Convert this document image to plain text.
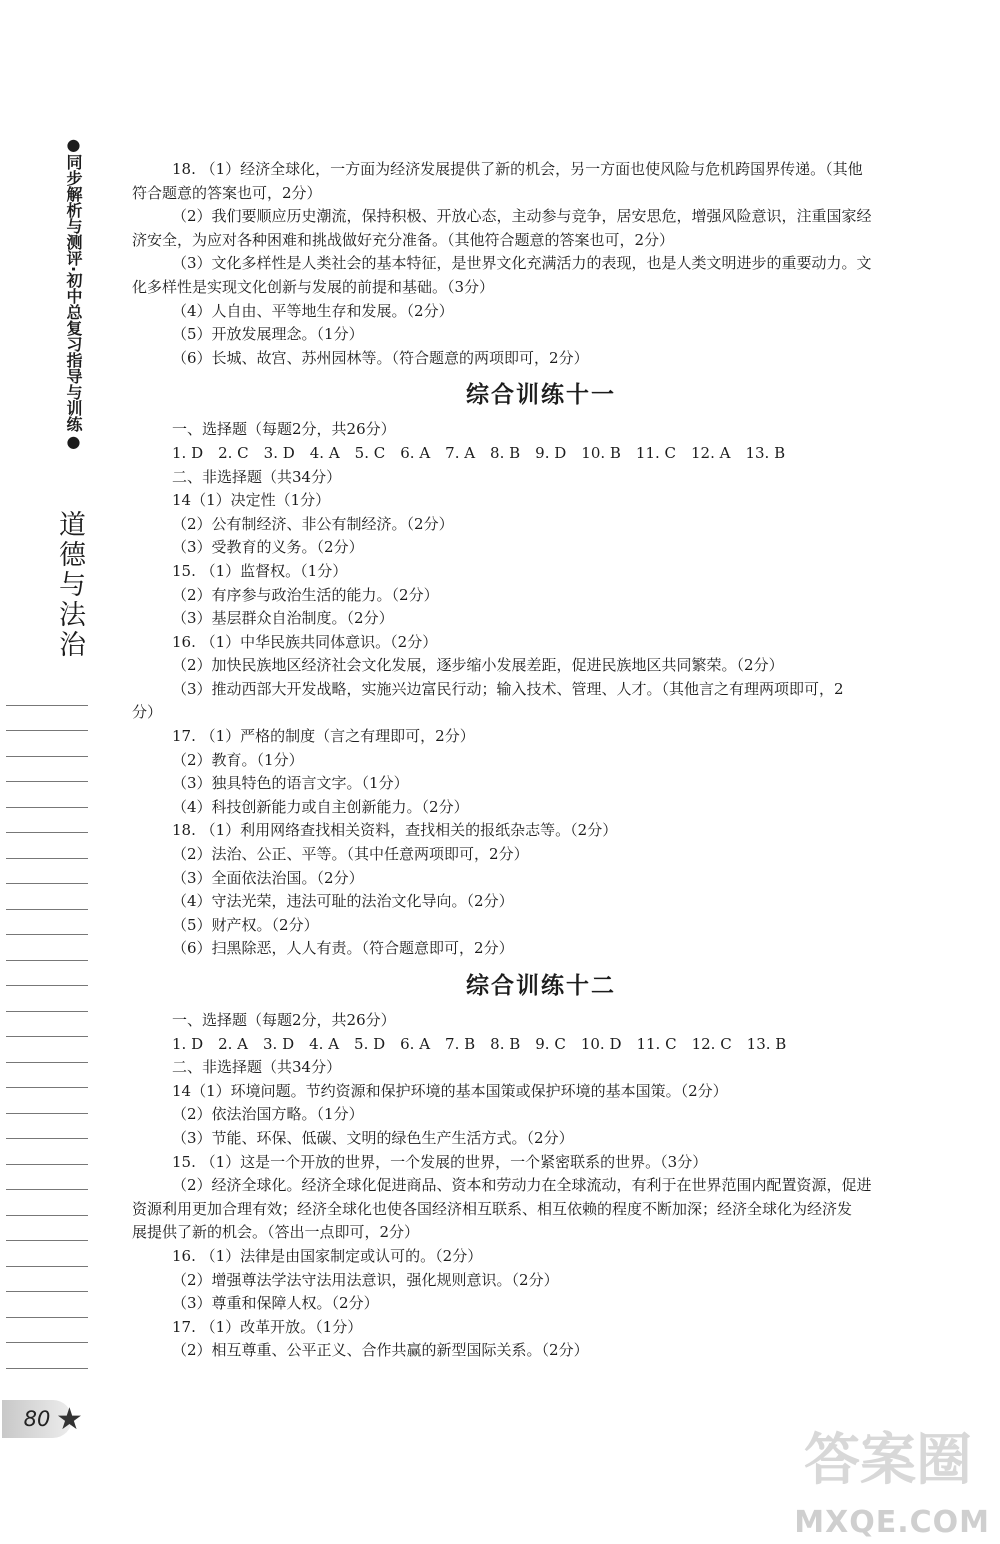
●同步解析与测评·初中总复习指导与训练●
道德与法治
80 ★
18. （1）经济全球化，一方面为经济发展提供了新的机会，另一方面也使风险与危机跨国界传递。（其他
符合题意的答案也可，2分）
（2）我们要顺应历史潮流，保持积极、开放心态，主动参与竞争，居安思危，增强风险意识，注重国家经
济安全，为应对各种困难和挑战做好充分准备。（其他符合题意的答案也可，2分）
（3）文化多样性是人类社会的基本特征，是世界文化充满活力的表现，也是人类文明进步的重要动力。文
化多样性是实现文化创新与发展的前提和基础。（3分）
（4）人自由、平等地生存和发展。（2分）
（5）开放发展理念。（1分）
（6）长城、故宫、苏州园林等。（符合题意的两项即可，2分）
综合训练十一
一、选择题（每题2分，共26分）
1. D　2. C　3. D　4. A　5. C　6. A　7. A　8. B　9. D　10. B　11. C　12. A　13. B
二、非选择题（共34分）
14（1）决定性（1分）
（2）公有制经济、非公有制经济。（2分）
（3）受教育的义务。（2分）
15. （1）监督权。（1分）
（2）有序参与政治生活的能力。（2分）
（3）基层群众自治制度。（2分）
16. （1）中华民族共同体意识。（2分）
（2）加快民族地区经济社会文化发展，逐步缩小发展差距，促进民族地区共同繁荣。（2分）
（3）推动西部大开发战略，实施兴边富民行动；输入技术、管理、人才。（其他言之有理两项即可，2
分）
17. （1）严格的制度（言之有理即可，2分）
（2）教育。（1分）
（3）独具特色的语言文字。（1分）
（4）科技创新能力或自主创新能力。（2分）
18. （1）利用网络查找相关资料，查找相关的报纸杂志等。（2分）
（2）法治、公正、平等。（其中任意两项即可，2分）
（3）全面依法治国。（2分）
（4）守法光荣，违法可耻的法治文化导向。（2分）
（5）财产权。（2分）
（6）扫黑除恶，人人有责。（符合题意即可，2分）
综合训练十二
一、选择题（每题2分，共26分）
1. D　2. A　3. D　4. A　5. D　6. A　7. B　8. B　9. C　10. D　11. C　12. C　13. B
二、非选择题（共34分）
14（1）环境问题。节约资源和保护环境的基本国策或保护环境的基本国策。（2分）
（2）依法治国方略。（1分）
（3）节能、环保、低碳、文明的绿色生产生活方式。（2分）
15. （1）这是一个开放的世界，一个发展的世界，一个紧密联系的世界。（3分）
（2）经济全球化。经济全球化促进商品、资本和劳动力在全球流动，有利于在世界范围内配置资源，促进
资源利用更加合理有效；经济全球化也使各国经济相互联系、相互依赖的程度不断加深；经济全球化为经济发
展提供了新的机会。（答出一点即可，2分）
16. （1）法律是由国家制定或认可的。（2分）
（2）增强尊法学法守法用法意识，强化规则意识。（2分）
（3）尊重和保障人权。（2分）
17. （1）改革开放。（1分）
（2）相互尊重、公平正义、合作共赢的新型国际关系。（2分）
答案圈
MXQE.COM
